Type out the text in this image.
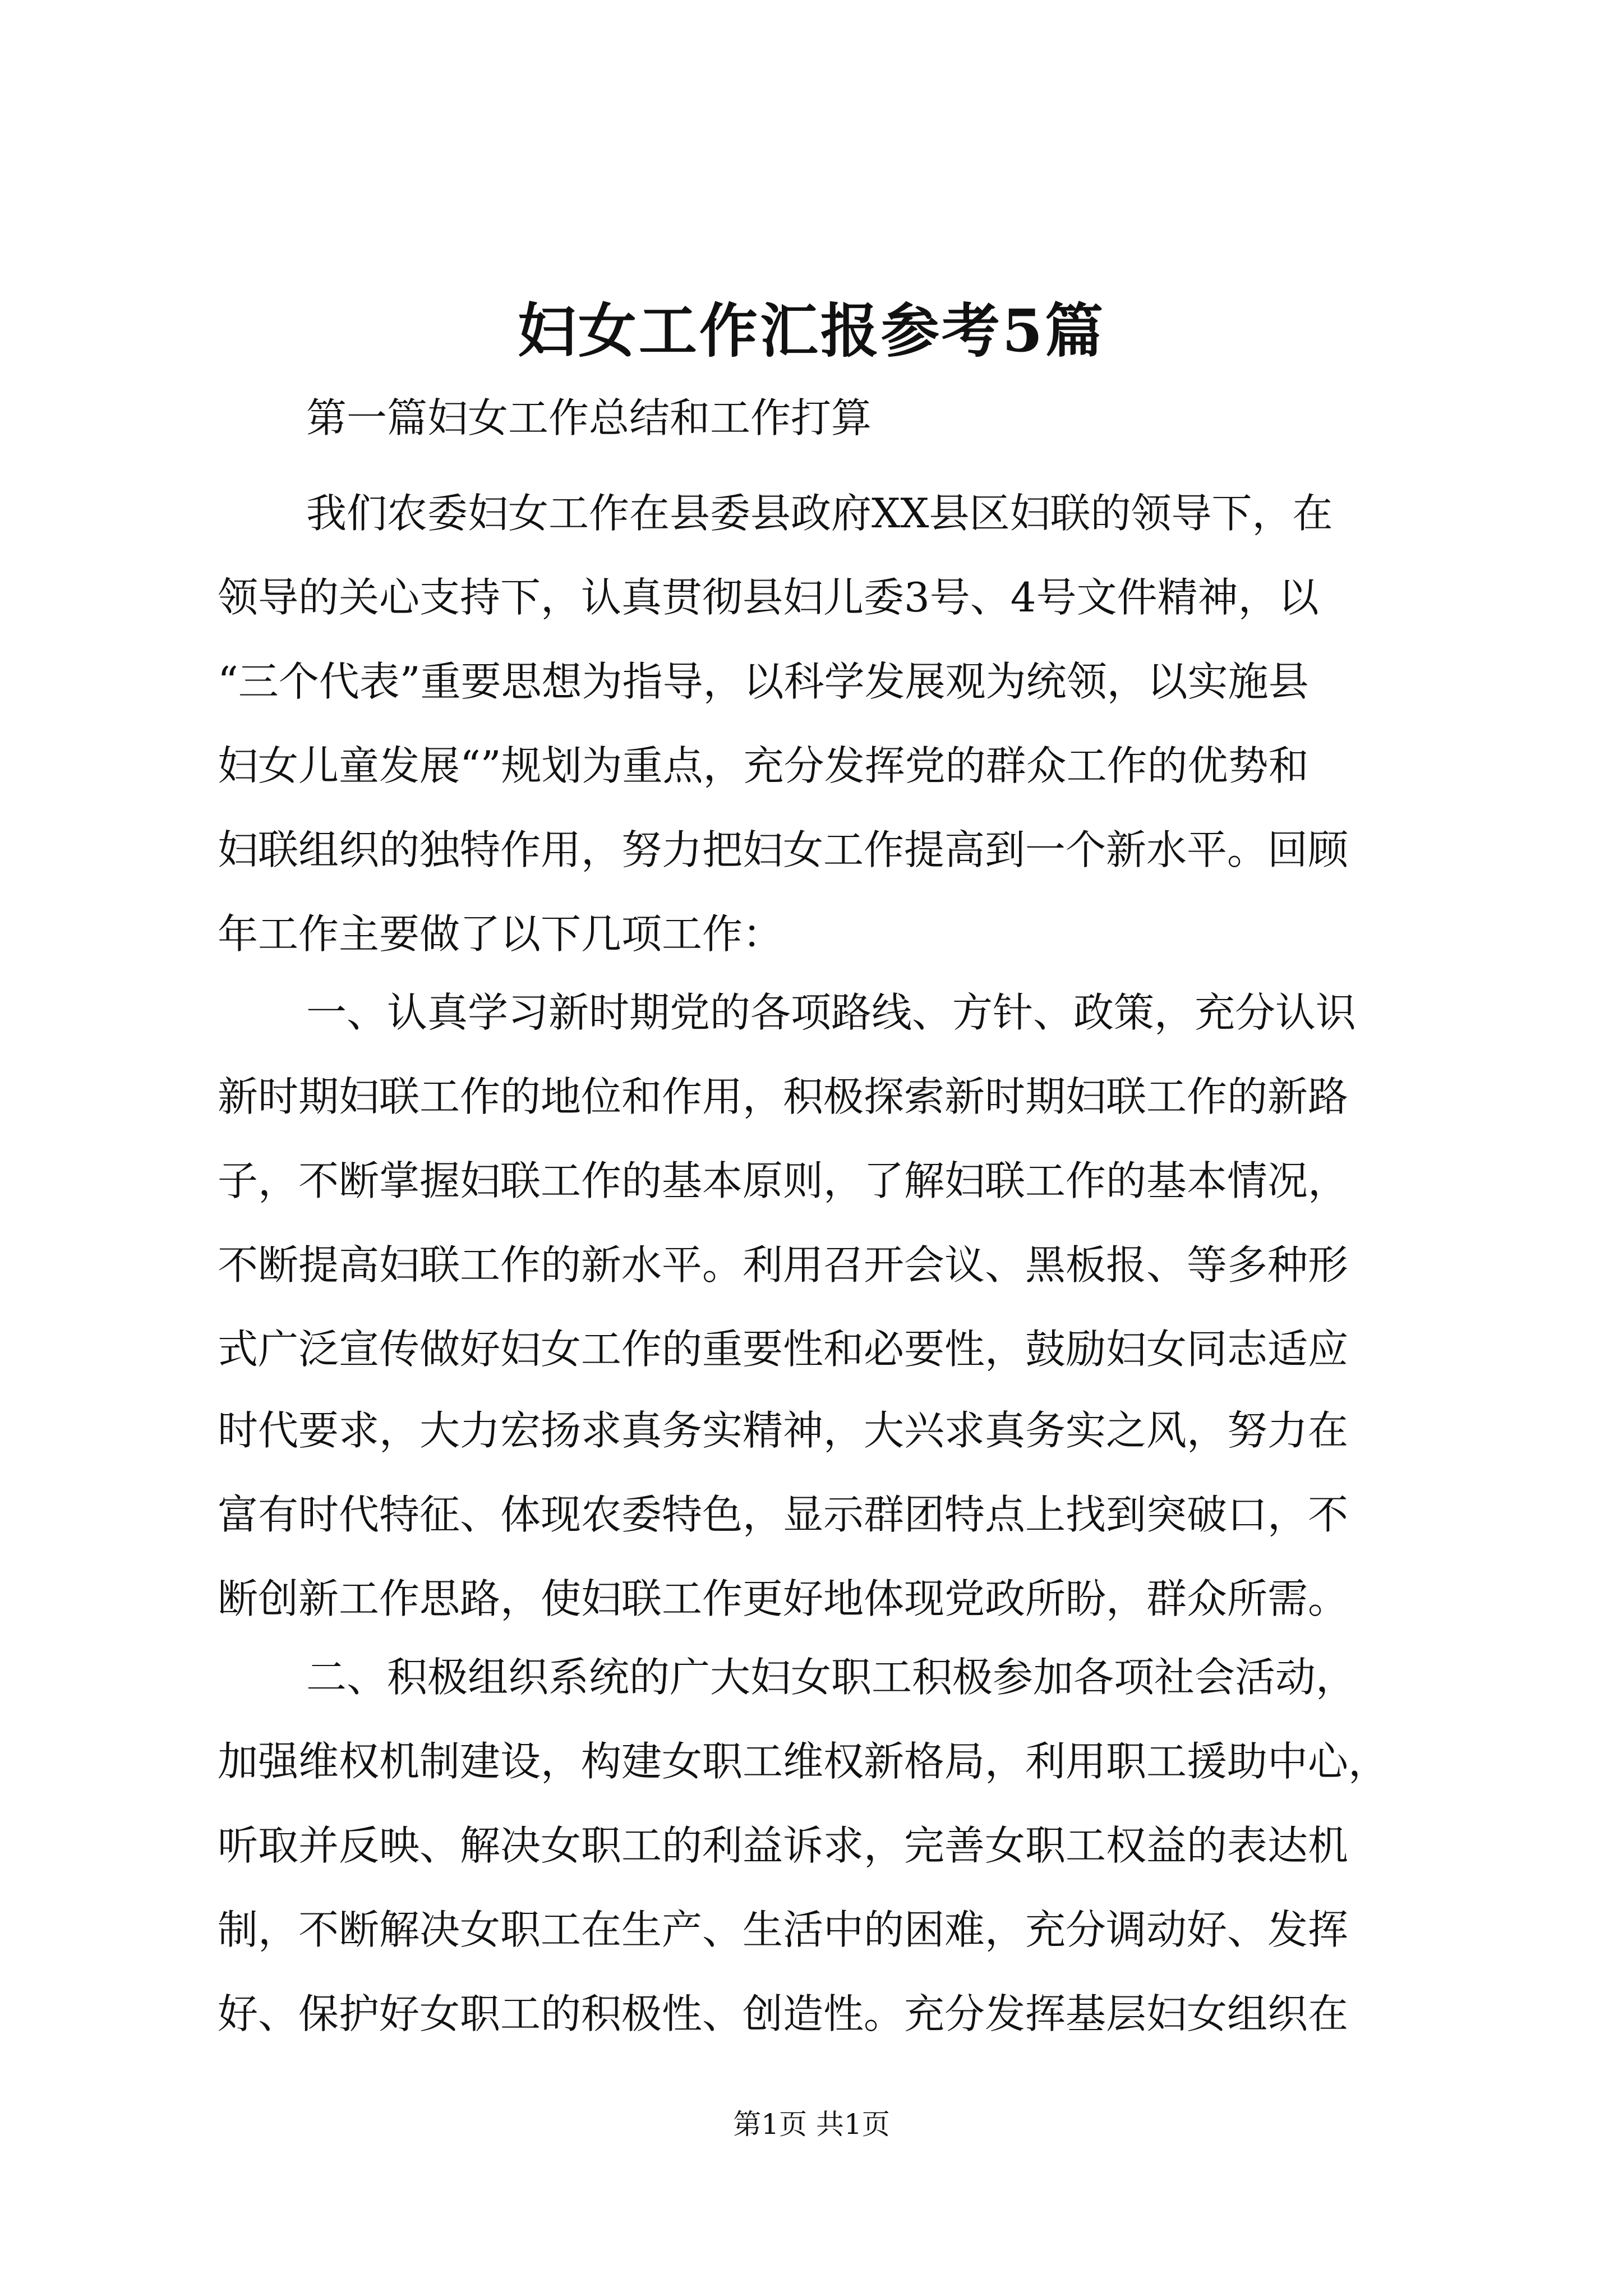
妇女工作汇报参考5篇
第一篇妇女工作总结和工作打算
我们农委妇女工作在县委县政府XX县区妇联的领导下，在
领导的关心支持下，认真贯彻县妇儿委3号、4号文件精神，以
“三个代表”重要思想为指导，以科学发展观为统领，以实施县
妇女儿童发展“”规划为重点，充分发挥党的群众工作的优势和
妇联组织的独特作用，努力把妇女工作提高到一个新水平。回顾
年工作主要做了以下几项工作：
一、认真学习新时期党的各项路线、方针、政策，充分认识
新时期妇联工作的地位和作用，积极探索新时期妇联工作的新路
子，不断掌握妇联工作的基本原则，了解妇联工作的基本情况，
不断提高妇联工作的新水平。利用召开会议、黑板报、等多种形
式广泛宣传做好妇女工作的重要性和必要性，鼓励妇女同志适应
时代要求，大力宏扬求真务实精神，大兴求真务实之风，努力在
富有时代特征、体现农委特色，显示群团特点上找到突破口，不
断创新工作思路，使妇联工作更好地体现党政所盼，群众所需。
二、积极组织系统的广大妇女职工积极参加各项社会活动，
加强维权机制建设，构建女职工维权新格局，利用职工援助中心，
听取并反映、解决女职工的利益诉求，完善女职工权益的表达机
制，不断解决女职工在生产、生活中的困难，充分调动好、发挥
好、保护好女职工的积极性、创造性。充分发挥基层妇女组织在
第1页 共1页
